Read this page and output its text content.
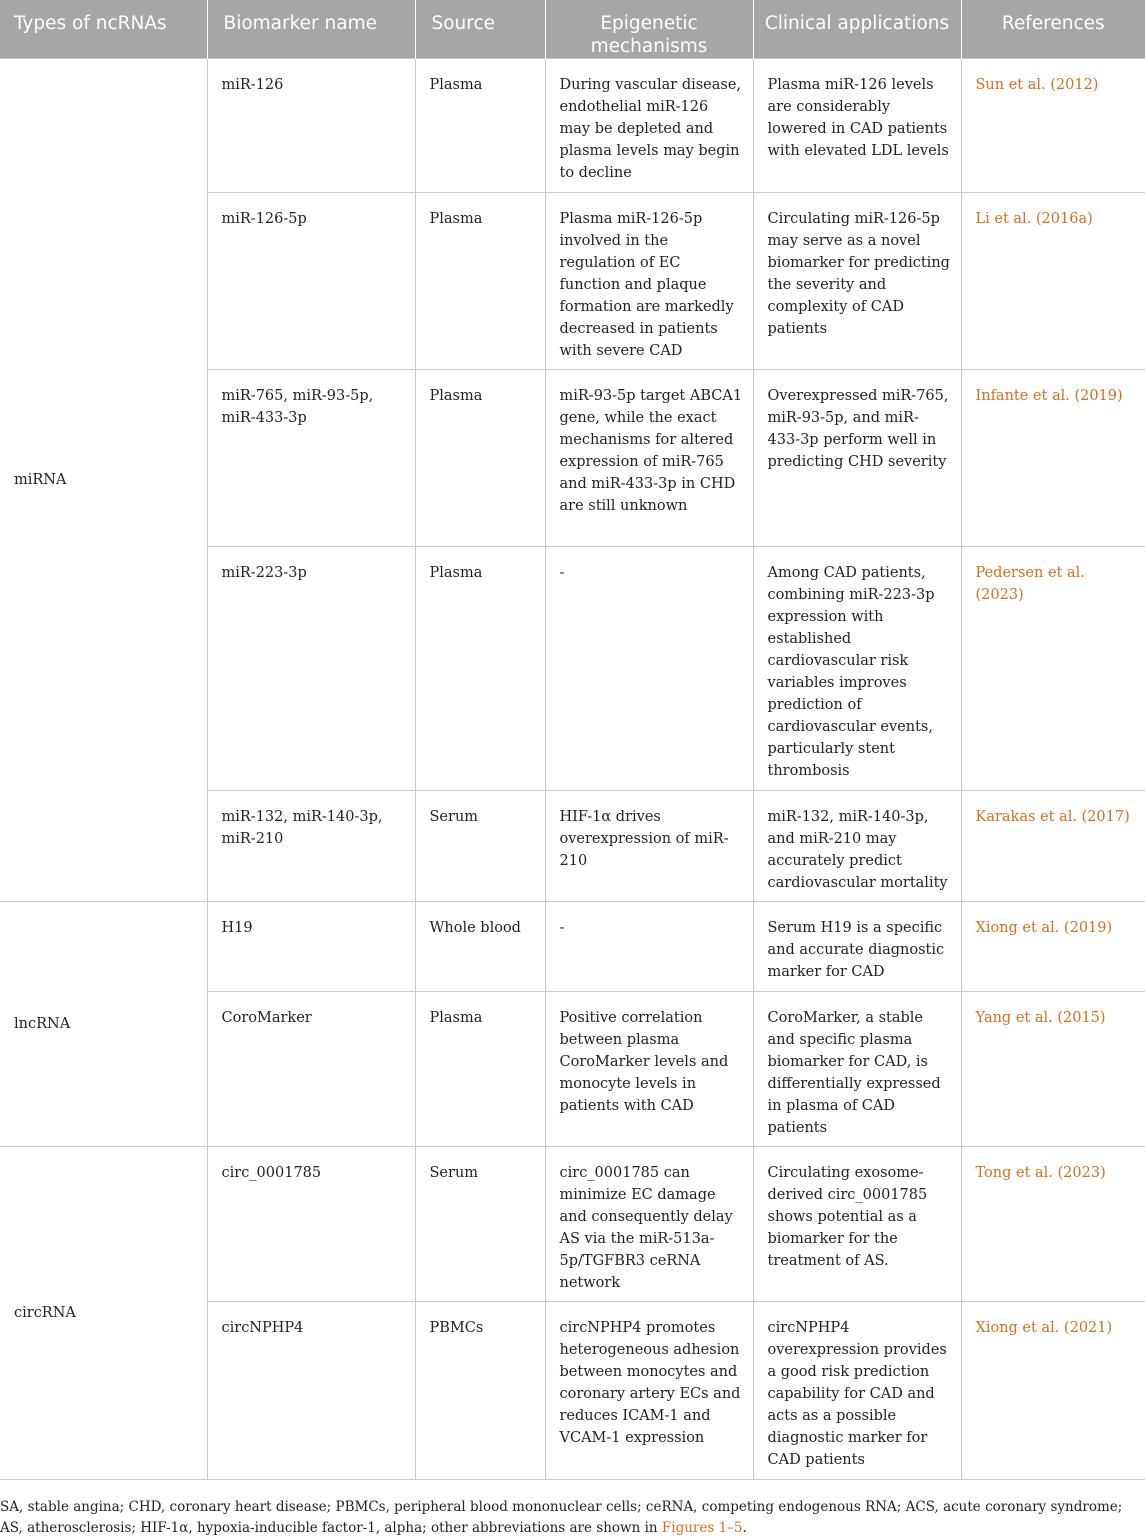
Types of ncRNAs	Biomarker name	Source	Epigenetic mechanisms	Clinical applications	References
miRNA	miR-126	Plasma	During vascular disease, endothelial miR-126 may be depleted and plasma levels may begin to decline	Plasma miR-126 levels are considerably lowered in CAD patients with elevated LDL levels	Sun et al. (2012)
	miR-126-5p	Plasma	Plasma miR-126-5p involved in the regulation of EC function and plaque formation are markedly decreased in patients with severe CAD	Circulating miR-126-5p may serve as a novel biomarker for predicting the severity and complexity of CAD patients	Li et al. (2016a)
	miR-765, miR-93-5p, miR-433-3p	Plasma	miR-93-5p target ABCA1 gene, while the exact mechanisms for altered expression of miR-765 and miR-433-3p in CHD are still unknown	Overexpressed miR-765, miR-93-5p, and miR-433-3p perform well in predicting CHD severity	Infante et al. (2019)
	miR-223-3p	Plasma	-	Among CAD patients, combining miR-223-3p expression with established cardiovascular risk variables improves prediction of cardiovascular events, particularly stent thrombosis	Pedersen et al. (2023)
	miR-132, miR-140-3p, miR-210	Serum	HIF-1α drives overexpression of miR-210	miR-132, miR-140-3p, and miR-210 may accurately predict cardiovascular mortality	Karakas et al. (2017)
lncRNA	H19	Whole blood	-	Serum H19 is a specific and accurate diagnostic marker for CAD	Xiong et al. (2019)
	CoroMarker	Plasma	Positive correlation between plasma CoroMarker levels and monocyte levels in patients with CAD	CoroMarker, a stable and specific plasma biomarker for CAD, is differentially expressed in plasma of CAD patients	Yang et al. (2015)
circRNA	circ_0001785	Serum	circ_0001785 can minimize EC damage and consequently delay AS via the miR-513a-5p/TGFBR3 ceRNA network	Circulating exosome-derived circ_0001785 shows potential as a biomarker for the treatment of AS.	Tong et al. (2023)
	circNPHP4	PBMCs	circNPHP4 promotes heterogeneous adhesion between monocytes and coronary artery ECs and reduces ICAM-1 and VCAM-1 expression	circNPHP4 overexpression provides a good risk prediction capability for CAD and acts as a possible diagnostic marker for CAD patients	Xiong et al. (2021)
SA, stable angina; CHD, coronary heart disease; PBMCs, peripheral blood mononuclear cells; ceRNA, competing endogenous RNA; ACS, acute coronary syndrome; AS, atherosclerosis; HIF-1α, hypoxia-inducible factor-1, alpha; other abbreviations are shown in Figures 1–5.
